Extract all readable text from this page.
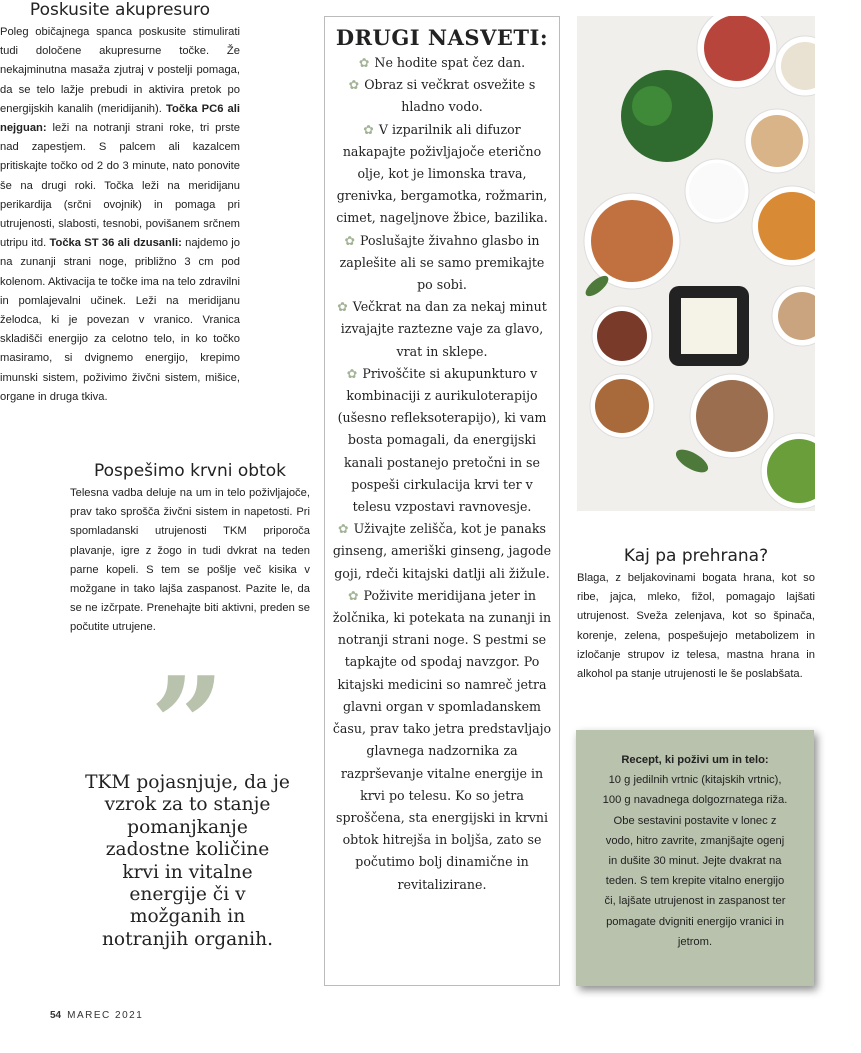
Poskusite akupresuro

Poleg običajnega spanca poskusite stimulirati tudi določene akupresurne točke. Že nekajminutna masaža zjutraj v postelji pomaga, da se telo lažje prebudi in aktivira pretok po energijskih kanalih (meridijanih). Točka PC6 ali nejguan: leži na notranji strani roke, tri prste nad zapestjem. S palcem ali kazalcem pritiskajte točko od 2 do 3 minute, nato ponovite še na drugi roki. Točka leži na meridijanu perikardija (srčni ovojnik) in pomaga pri utrujenosti, slabosti, tesnobi, povišanem srčnem utripu itd. Točka ST 36 ali dzusanli: najdemo jo na zunanji strani noge, približno 3 cm pod kolenom. Aktivacija te točke ima na telo zdravilni in pomlajevalni učinek. Leži na meridijanu želodca, ki je povezan v vranico. Vranica skladišči energijo za celotno telo, in ko točko masiramo, si dvignemo energijo, krepimo imunski sistem, poživimo živčni sistem, mišice, organe in druga tkiva.

Pospešimo krvni obtok

Telesna vadba deluje na um in telo poživljajoče, prav tako sprošča živčni sistem in napetosti. Pri spomladanski utrujenosti TKM priporoča plavanje, igre z žogo in tudi dvkrat na teden parne kopeli. S tem se pošlje več kisika v možgane in tako lajša zaspanost. Pazite le, da se ne izčrpate. Prenehajte biti aktivni, preden se počutite utrujene.

”
TKM pojasnjuje, da je vzrok za to stanje pomanjkanje zadostne količine krvi in vitalne energije či v možganih in notranjih organih.
DRUGI NASVETI:
✿ Ne hodite spat čez dan.
✿ Obraz si večkrat osvežite s hladno vodo.
✿ V izparilnik ali difuzor nakapajte poživljajoče eterično olje, kot je limonska trava, grenivka, bergamotka, rožmarin, cimet, nageljnove žbice, bazilika.
✿ Poslušajte živahno glasbo in zaplešite ali se samo premikajte po sobi.
✿ Večkrat na dan za nekaj minut izvajajte raztezne vaje za glavo, vrat in sklepe.
✿ Privoščite si akupunkturo v kombinaciji z aurikuloterapijo (ušesno refleksoterapijo), ki vam bosta pomagali, da energijski kanali postanejo pretočni in se pospeši cirkulacija krvi ter v telesu vzpostavi ravnovesje.
✿ Uživajte zelišča, kot je panaks ginseng, ameriški ginseng, jagode goji, rdeči kitajski datlji ali žižule.
✿ Poživite meridijana jeter in žolčnika, ki potekata na zunanji in notranji strani noge. S pestmi se tapkajte od spodaj navzgor. Po kitajski medicini so namreč jetra glavni organ v spomladanskem času, prav tako jetra predstavljajo glavnega nadzornika za razprševanje vitalne energije in krvi po telesu. Ko so jetra sproščena, sta energijski in krvni obtok hitrejša in boljša, zato se počutimo bolj dinamične in revitalizirane.
Kaj pa prehrana?

Blaga, z beljakovinami bogata hrana, kot so ribe, jajca, mleko, fižol, pomagajo lajšati utrujenost. Sveža zelenjava, kot so špinača, korenje, zelena, pospešujejo metabolizem in izločanje strupov iz telesa, mastna hrana in alkohol pa stanje utrujenosti le še poslabšata.

Recept, ki poživi um in telo:
10 g jedilnih vrtnic (kitajskih vrtnic), 100 g navadnega dolgozrnatega riža. Obe sestavini postavite v lonec z vodo, hitro zavrite, zmanjšajte ogenj in dušite 30 minut. Jejte dvakrat na teden. S tem krepite vitalno energijo či, lajšate utrujenost in zaspanost ter pomagate dvigniti energijo vranici in jetrom.

54 MAREC 2021
